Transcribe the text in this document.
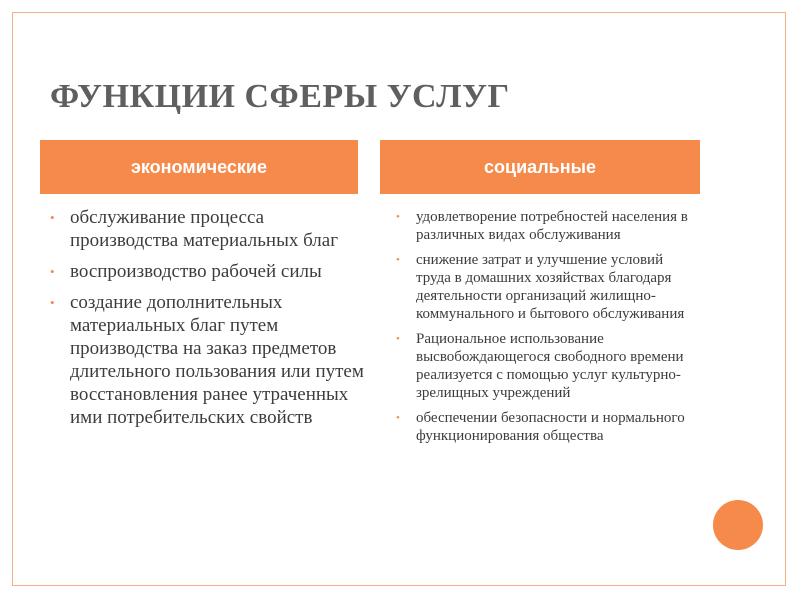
ФУНКЦИИ СФЕРЫ УСЛУГ
экономические	социальные
• обслуживание процесса производства материальных благ
• воспроизводство рабочей силы
• создание дополнительных материальных благ путем производства на заказ предметов длительного пользования или путем восстановления ранее утраченных ими потребительских свойств
• удовлетворение потребностей населения в различных видах обслуживания
• снижение затрат и улучшение условий труда в домашних хозяйствах благодаря деятельности организаций жилищно-коммунального и бытового обслуживания
• Рациональное использование высвобождающегося свободного времени реализуется с помощью услуг культурно-зрелищных учреждений
• обеспечении безопасности и нормального функционирования общества
